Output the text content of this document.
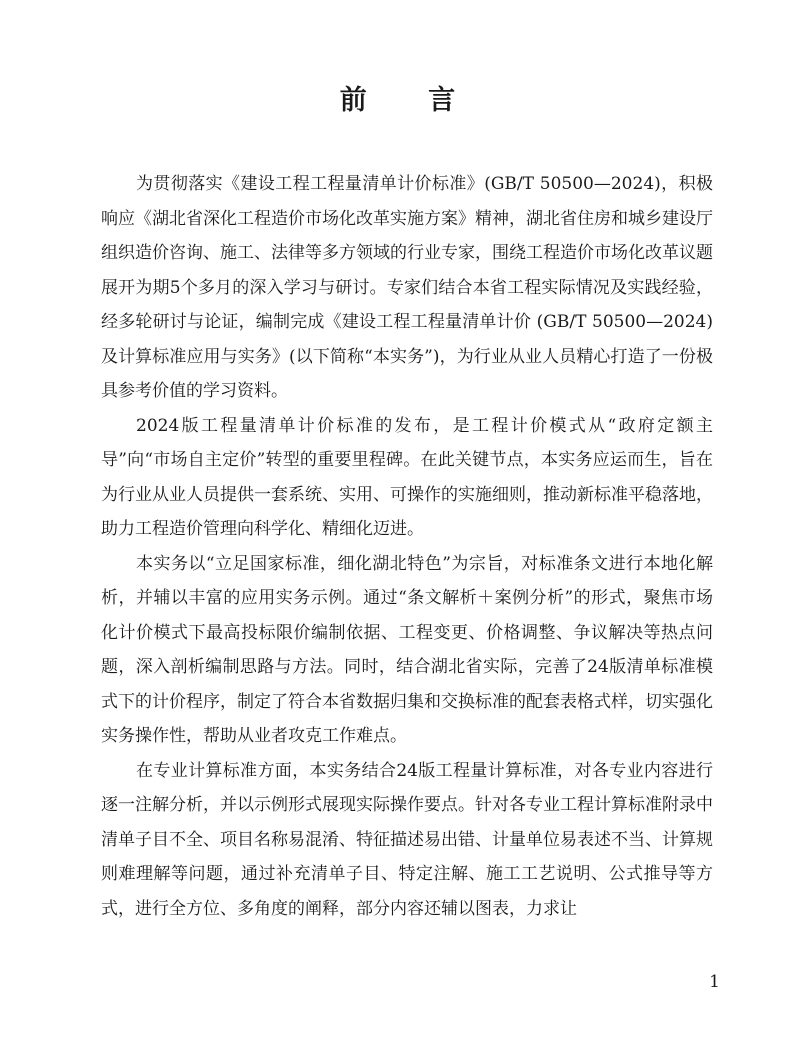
前 言

为贯彻落实《建设工程工程量清单计价标准》(GB/T 50500—2024)，积极响应《湖北省深化工程造价市场化改革实施方案》精神，湖北省住房和城乡建设厅组织造价咨询、施工、法律等多方领域的行业专家，围绕工程造价市场化改革议题展开为期5个多月的深入学习与研讨。专家们结合本省工程实际情况及实践经验，经多轮研讨与论证，编制完成《建设工程工程量清单计价 (GB/T 50500—2024) 及计算标准应用与实务》(以下简称“本实务”)，为行业从业人员精心打造了一份极具参考价值的学习资料。

2024版工程量清单计价标准的发布，是工程计价模式从“政府定额主导”向“市场自主定价”转型的重要里程碑。在此关键节点，本实务应运而生，旨在为行业从业人员提供一套系统、实用、可操作的实施细则，推动新标准平稳落地，助力工程造价管理向科学化、精细化迈进。

本实务以“立足国家标准，细化湖北特色”为宗旨，对标准条文进行本地化解析，并辅以丰富的应用实务示例。通过“条文解析＋案例分析”的形式，聚焦市场化计价模式下最高投标限价编制依据、工程变更、价格调整、争议解决等热点问题，深入剖析编制思路与方法。同时，结合湖北省实际，完善了24版清单标准模式下的计价程序，制定了符合本省数据归集和交换标准的配套表格式样，切实强化实务操作性，帮助从业者攻克工作难点。

在专业计算标准方面，本实务结合24版工程量计算标准，对各专业内容进行逐一注解分析，并以示例形式展现实际操作要点。针对各专业工程计算标准附录中清单子目不全、项目名称易混淆、特征描述易出错、计量单位易表述不当、计算规则难理解等问题，通过补充清单子目、特定注解、施工工艺说明、公式推导等方式，进行全方位、多角度的阐释，部分内容还辅以图表，力求让

1
